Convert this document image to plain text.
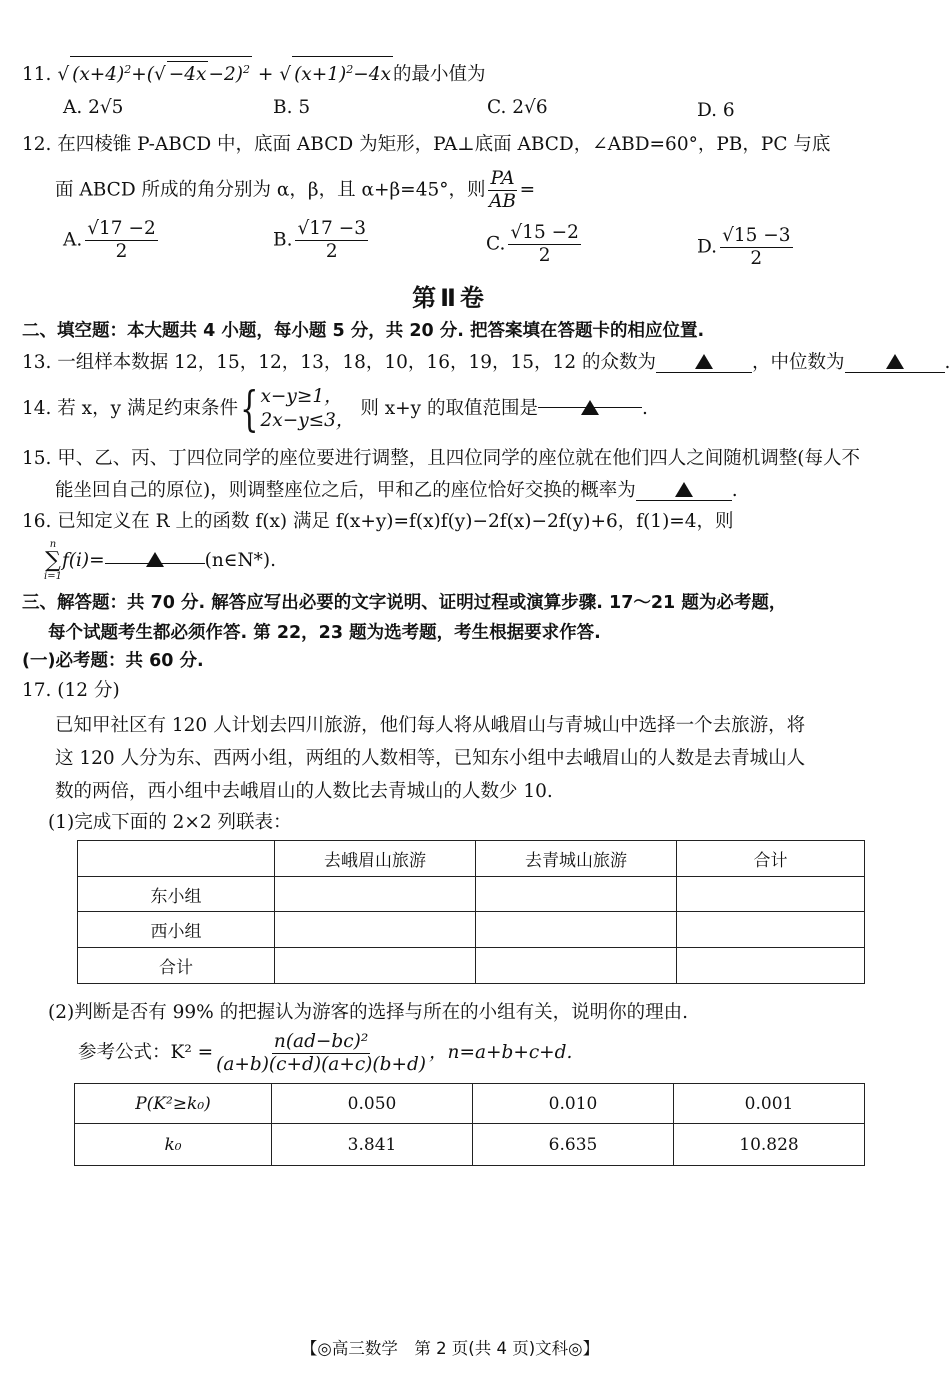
11. √ $(x+4)^2+(√ -4x -2)^2$ + √ $(x+1)^2-4x$ 的最小值为
A. 2√5	B. 5	C. 2√6	D. 6
12. 在四棱锥 P-ABCD 中，底面 ABCD 为矩形，PA⊥底面 ABCD，∠ABD=60°，PB，PC 与底
面 ABCD 所成的角分别为 α，β，且 α+β=45°，则 $\frac{PA}{AB}$ =
A. $\frac{√17 -2}{2}$	B. $\frac{√17 -3}{2}$	C. $\frac{√15 -2}{2}$	D. $\frac{√15 -3}{2}$
第Ⅱ卷
二、填空题：本大题共 4 小题，每小题 5 分，共 20 分. 把答案填在答题卡的相应位置.
13. 一组样本数据 12，15，12，13，18，10，16，19，15，12 的众数为	，中位数为	.
14. 若 x，y 满足约束条件{ x−y≥1，
2x−y≤3，
则 x+y 的取值范围是	.
15. 甲、乙、丙、丁四位同学的座位要进行调整，且四位同学的座位就在他们四人之间随机调整(每人不
能坐回自己的原位)，则调整座位之后，甲和乙的座位恰好交换的概率为	.
16. 已知定义在 R 上的函数 f(x) 满足 f(x+y)=f(x)f(y)−2f(x)−2f(y)+6，f(1)=4，则
n
∑
i=1
f(i)=	(n∈N*).
三、解答题：共 70 分. 解答应写出必要的文字说明、证明过程或演算步骤. 17～21 题为必考题，
每个试题考生都必须作答. 第 22，23 题为选考题，考生根据要求作答.
(一)必考题：共 60 分.
17. (12 分)
已知甲社区有 120 人计划去四川旅游，他们每人将从峨眉山与青城山中选择一个去旅游，将
这 120 人分为东、西两小组，两组的人数相等，已知东小组中去峨眉山的人数是去青城山人
数的两倍，西小组中去峨眉山的人数比去青城山的人数少 10.
(1)完成下面的 2×2 列联表：
	去峨眉山旅游	去青城山旅游	合计
东小组			
西小组			
合计			
(2)判断是否有 99% 的把握认为游客的选择与所在的小组有关，说明你的理由.
参考公式：$K^2 = \frac{\text{n(ad−bc)²}}{(a+b)(c+d)(a+c)(b+d)}$ ，n=a+b+c+d.
P(K²≥k₀)	0.050	0.010	0.001
k₀	3.841	6.635	10.828
【◎高三数学　第 2 页(共 4 页)文科◎】
